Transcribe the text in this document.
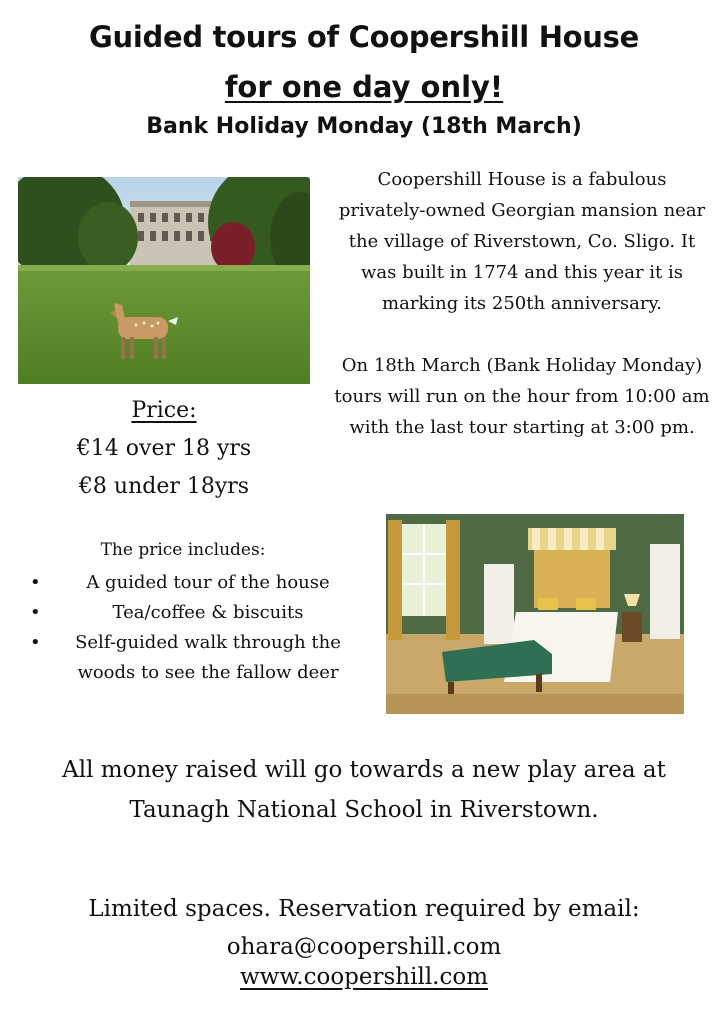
Guided tours of Coopershill House
for one day only!
Bank Holiday Monday (18th March)

Coopershill House is a fabulous privately-owned Georgian mansion near the village of Riverstown, Co. Sligo. It was built in 1774 and this year it is marking its 250th anniversary.

On 18th March (Bank Holiday Monday) tours will run on the hour from 10:00 am with the last tour starting at 3:00 pm.

Price:
€14 over 18 yrs
€8 under 18yrs
The price includes:
•	A guided tour of the house
•	Tea/coffee & biscuits
• Self-guided walk through the woods to see the fallow deer
All money raised will go towards a new play area at Taunagh National School in Riverstown.
Limited spaces. Reservation required by email: ohara@coopershill.com
www.coopershill.com
